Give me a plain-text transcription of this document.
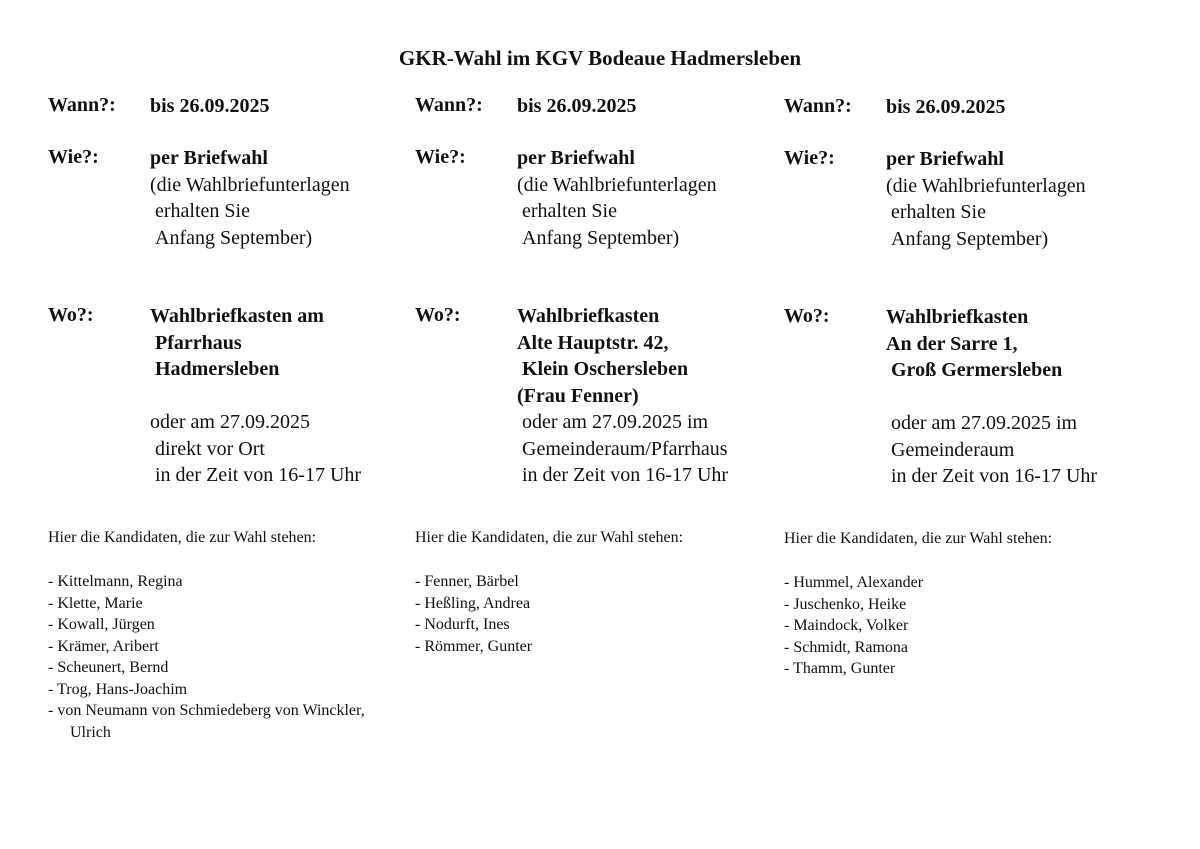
GKR-Wahl im KGV Bodeaue Hadmersleben
Wann?: bis 26.09.2025
Wie?:	per Briefwahl
(die Wahlbriefunterlagen
erhalten Sie
Anfang September)
Wo?:	Wahlbriefkasten am
Pfarrhaus
Hadmersleben
oder am 27.09.2025
direkt vor Ort
in der Zeit von 16-17 Uhr
Hier die Kandidaten, die zur Wahl stehen:
- Kittelmann, Regina
- Klette, Marie
- Kowall, Jürgen
- Krämer, Aribert
- Scheunert, Bernd
- Trog, Hans-Joachim
- von Neumann von Schmiedeberg von Winckler, Ulrich
Wann?: bis 26.09.2025
Wie?:	per Briefwahl
(die Wahlbriefunterlagen
erhalten Sie
Anfang September)
Wo?:	Wahlbriefkasten
Alte Hauptstr. 42,
Klein Oschersleben
(Frau Fenner)
oder am 27.09.2025 im
Gemeinderaum/Pfarrhaus
in der Zeit von 16-17 Uhr
Hier die Kandidaten, die zur Wahl stehen:
- Fenner, Bärbel
- Heßling, Andrea
- Nodurft, Ines
- Römmer, Gunter
Wann?: bis 26.09.2025
Wie?:	per Briefwahl
(die Wahlbriefunterlagen
erhalten Sie
Anfang September)
Wo?:	Wahlbriefkasten
An der Sarre 1,
Groß Germersleben
oder am 27.09.2025 im
Gemeinderaum
in der Zeit von 16-17 Uhr
Hier die Kandidaten, die zur Wahl stehen:
- Hummel, Alexander
- Juschenko, Heike
- Maindock, Volker
- Schmidt, Ramona
- Thamm, Gunter
